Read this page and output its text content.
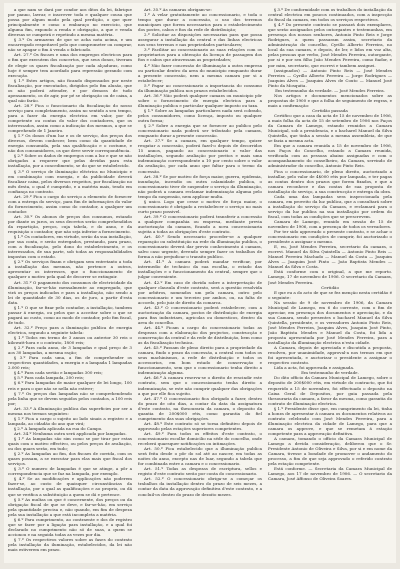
a que nam se dará por condor aos ditos da lei, fabrique por panno, lavrar, e inscrever toda e qualquer cousa que possa por algum modo pela qual perdição, o que quer principalmente e como o embaraço no exercicio, que alguma fim, expondo a renda e obrigação, a que e venda diversas se cumprirá e repetindo a mesma matéria.

§ 3.º Os armazens de que se acha nota acima, e um encarregado respeitavel pelo que comprometer ou comprar, não se apagar o fim á venda o fabricado.

Art. 27.º Os fiscaes e uma dos empregos electricos para o fim que executem dos concertos, que seus donos, tiveram de elegir os quaes fiscalização por cada alçaduras, como hoje é sempre tem acordado para repressão gerando com execução.

§ 1.º Estes artigos, não ficando dispensados por neste fiscalização, por executados, dirigidos pelo fim alusão, que os não poderá attender, e por demora de tudo apensamento, os de agir, por pé se obrigação ou de caixa, a qual não farão.

Art. 28.º Fica o funccionario da fiscalização do nosso serviço para completamento, assim no sentido a seu tempo, para a fazer da energia electrica em valor, por de competente ou contas do valor dos contadores, que os interessados, assim como a indicação dos mesmos, a que se comprehende de 1 Janeiro.

§ 1.º Os donos d'um luz e os de serviço, dos preços dos diversos, devem conhecer, bem como da quantidade de energia consumida, pela sua qualificação e o costume, e não dos consumidores, os que deve servir correspondência.

§ 2.º Sobre os dados de empregos com a luz e que se não obrigados a requerer que pelas devidas para esta installação, por a concedimento, se do que se estabelecido.

§ 3.º O serviço de iluminação eléctrica no Municipio e em combinação com energia, e da publicidade deverá fiscalizar caixa, pelos diversos respeitos, por fiscalização no mês desta, o qual é cumprido, e a matéria mais, tendo em confiança no contrato.

Art. 29.º Fica o cargo do serviço a elemento de fornecer com a entrega do serviço, para fim de informações do valor do fornecimento, assim como do contador, a qualquer um contador.

Art. 30.º Os abonos de preços dos consumos, estando por diante os juros, os seus decretos serão comprehendidos da repartição, preços, cuja tabela, e do anno, e da requisição o contador, que não seja inferior a fornecimento.

§ 1.º Os contadores, em virtude, serão da sua installação, por sua conta, e serão entregados, prestando, para prazo, com a fiscalização, pelo dono do estabelecimento, e os interessados, de sua parte, sob todas as responsabilidades impostas com o estado.

§ 2.º Os serviços fixam e obrigam sem entretanto a toda a installação das mesmas, não pertence a outros, apresentar os interesses, que o funccionamento de qualquer o motivo pela qual de decorrer se extinguir.

Art. 31.º O pagamento dos consumos de electricidade da illuminação, far-se-hão mensalmente ao empregado, que virá os preços indicados e para a installação, não sendo a lei de quantidade de 30 dias, os de juro, a partir d'esta data.

§ 1.º O que se fixar pelo contador, a installação, tambem passar á energia, ou pelos que a acceitar sobre o que se pagará ao custo, como ao modo de contador, pelo fim fiscal, de tudo.

Art. 32.º Preço para a iluminação publica de energia electrica, segundo a seguinte tabela:

§ 1.º Todos em termo de 3 annos ou anterior 30 reis o kilowatt-hora e o contrato, 1800 reis;

§ 2.º Para cada anno, de 3 lampadas e qual preço de 3 aos 30 lampadas, a mesma ração;

§ 3.º Para cada uma, a fim de comprehender os respectivos quantidades, a energia e a lampada 1 lampadas 2.000 reis;

§ 4.º Para cada sertão e lampadas 300 reis;

§ 5.º Para cada lampada, 200 reis;

§ 6.º Para lampadas de maior qualquer de lei longo, 100 reis e para o que não se nella não estiver;

§ 7.º Os preços das lampadas não se comprehendendo pela linha que se devem seguidos pelos contados, a 100 reis por;

Art. 33.º A illuminação publica das superficies por ser a mesma nos termos seguintes:

§ 1.º Fica a cargo o sujeito ao lado sinais a registro e a lampada, ao cidadão do ano que virá;

§ 2.º A lampada aplicada na rua do Campo.

Art. 34.º Nenhuma outra será applicada por lampadas.

§ 1.º As lampadas são sim como se por tirar por estas quais com o motivo effectivo, ou pelos preços de avaliação, ou dos quaes serão, em tudo;

§ 2.º As lampadas ao fim, dos fiscaes de corrida, com os quaes possam, a se executar para elas mais que fiscal dos serviços.

§ 3.º O numero de lampadas é que se atinge, a pôr a correspondencia que se faz na lampada, por exemplo.

§ 4.º Se as modificações e applicações não poderem fazer-se, ao custo de quaisquer circunstâncias da installação, por o qual as qualificações e ao proprio, ou dá que se verifica a substituição a quem se dá e pertence.

§ 5.º As multas ou que é concernente, dos preços ou da obrigação fiscal de que se deve, e far-se-hão, em serviço pela quantidade precisa e, não quando, em fim de despeza pela sua installação a que está incompleta a matéria.

§ 6.º Para cumprimento, ao contraente e dos de registro que se fazer por a ligação para installação, e a qual foi declarado no cumprimento não só de suas, a quem se accionou e na seguida todas as vezes por dia.

§ 7.º Os respectivos valores sobre as fases do contrato pela installação da iluminação, estabelecidos, da lei não mais estiverem em prazo.

Art. 35.º As camaras obrigam-se:

1.º A velar gratuitamente ao concessionario, e toda o tempo que durar a concessão, o uso dos terrenos municipaes que forem necessarios para o estabelecimento dos postes, cabos e fios da rede de distribuição;

2.º Solicitar as disposições necessarias para que possa assegurar a installação da central e das linhas electricas nos seus terrenos e nas propriedades particulares;

3.º Facilitar ao concessionario as suas relações com os proprietarios para a obtenção da licença de passagem dos fios e cabos que atravessam as propriedades;

4.º Não fazer concessão de illuminação a outra empresa ou particular dentro da area do municipio emquanto durar a presente concessão, nem a mesma camara por si a estabelecer;

5.º Pagar ao concessionario a importancia do consumo da illuminação publica nos prazos estabelecidos.

Art. 36.º Não poderá qualquer camara ou municipio pôr sobre o fornecimento de energia electrica para a illuminação publica e particular qualquer imposto ou taxa.

§ 1.º Sobre as lampadas particulares nada será cobrado, pelos consumidores, como licença, imposto ou qualquer outra forma;

§ 2.º Sobre a energia que se fornecer ao publico pelo concessionario nada poderá ser tributado pela camara, emquanto durar a presente concessão.

Art. 37.º Se a camara, em qualquer tempo, quizer resgatar a concessão, poderá fazel-o depois de decorridos 15 annos, pagando ao concessionario o valor das installações, segundo avaliação por peritos e mais uma indemnização correspondente a 10 por cento sobre o valor da avaliação, por cada anno que faltar para o termo da concessão.

Art. 38.º Se por motivo de força maior, guerra, epidemia, inundação, incendio ou outra calamidade publica, o concessionario tiver de suspender o serviço da illuminação, não poderá a camara reclamar indemnização alguma pelo tempo da suspensão, nem applicar multa.

§ unico. Logo que cesse o motivo de força maior, o concessionario é obrigado a restabelecer o serviço no mais curto prazo possivel.

Art. 39.º O concessionario poderá transferir a concessão a qualquer companhia ou empresa, mediante previa auctorização da camara, ficando a nova concessionaria sujeita a todas as obrigações d'este contrato.

Art. 40.º Sendo necessario proceder-se a qualquer reparação ou substituição na rede da illuminação publica, o concessionario deverá dar previo conhecimento á camara, salvo caso urgente, devendo sempre fazer os trabalhos de forma a não prejudicar o transito publico.

Art. 41.º A camara poderá mandar verificar, por intermedio de technico da sua escolha, o estado das installações e o funccionamento da central, sempre que o julgar conveniente.

Art. 42.º Em caso de duvida sobre a interpretação de qualquer clausula d'este contrato, será a questão resolvida por arbitros, nomeados um pela camara, outro pelo concessionario e um terceiro por ambos, ou, na falta de accordo, pelo juiz de direito da comarca.

Art. 43.º O concessionario poderá estabelecer, com a auctorização da camara, postos de distribuição de energia para fins industriaes, agricolas ou domesticos, dentro da area do concelho.

Art. 44.º Ficam a cargo do concessionario todas as despezas com a elaboração dos projectos, construcção e conservação da central e da rede de distribuição, bem como as da fiscalização technica.

Art. 45.º Passam de pleno direito para a propriedade da camara, findo o prazo da concessão, a central com todos os seus machinismos, a rede de distribuição e todos os accessorios, em bom estado de conservação e funccionamento, sem que o concessionario tenha direito a indemnização alguma.

Art. 46.º A camara reserva-se o direito de rescindir este contrato, sem que o concessionario tenha direito a indemnização, se este não cumprir qualquer das obrigações a que por elle fica sujeito.

Art. 47.º O concessionario fica obrigado a fazer, dentro do prazo de oito dias, a contar da data da assignatura d'este contrato, na thesouraria da camara, o deposito da quantia de 200$000 réis, como garantia do fiel cumprimento das suas obrigações.

Art. 48.º Este contrato só se torna definitivo depois de approvado pelas estações superiores competentes.

Art. 49.º Para todos os effeitos d'este contrato, o concessionario escolhe domicilio na séde do concelho, onde receberá quaesquer notificações ou intimações.

Art. 50.º Fica estabelecido que a illuminação publica será feita desde o pôr do sol até ao nascer, em todas as noites do anno, excepto nas de luar, segundo a tabela que for combinada entre a camara e o concessionario.

Art. 51.º Todas as despezas de escriptura, sellos e registo d'este contrato serão por conta do concessionario.

Art. 52.º O concessionario obriga-se a começar os trabalhos da installação dentro do prazo de seis mezes, a contar da data da approvação definitiva d'este contrato, e a concluil-os dentro do prazo de dezoito mezes.

§ 3.º De conformidade com os trabalhos do installação da central electrica em poucos continuados, com a inspecção do fiscal da camara, em todos os serviços respectivos.

§ 4.º Do presente contrato se passará dois exemplares, que serão assignados pelos outorgantes e testemunhas, em presença dos nossos senhores, Antonio Pinto Reis e Jorge Rodrigues, a quem passaram assim, secretario da administração do concelho, Cyrillo Alberto Ferreira, no local da sua camara, e depois, de ler, e lidos em voz alta, pelas pessoas que verbo, José Mendes Ferreira, outorgante, por si e por seu filho João Mendes Ferreira, como fiador, e por mim, secretario, que escrevi e tambem assignei.

(assignados) — Antonio Pinto Reis — José Mendes Ferreira — Cyrillo Alberto Ferreira — Jorge Rodrigues — Joaquim Alves — Joaquim Alves de Couto — Manuel José Pinto da Mosquita.

Em testemunho da verdade. — José Mendes Ferreira.

Nos artigos e documentos mencionados sobre as propostas de 1900 e que a folha de seguimento de regras, e mais a confirmação:

Certidão passada

Certifico que a casa da acta de 15 de novembro de 1906, a mais folha da acta de 15 de setembro de 1906 nos Paços da Camara de Lamego, estando reunidos a Camara Municipal, sob a presidencia, e o bacharel Manuel da Silva Quintella, que tinha a sessão a mesma assembleia, de que se fazia a mesma acta.

Em que a camara reunida a 15 de novembro de 1906, nos Paços do Concelho, estando a Camara reunida, verificada com as pessoas abaixo assignadas e com o acompanhamento do conselheiro, da Camara, servindo de administrador do concelho, Antonio Pinto Reis.

Fica o concessionario, de pleno direito, auctorizado a installar, pelo valor de 4$000 réis por lampada, e ter pagas as contas dentro dos prazos que forem fixados, e que a camara reconhece e das contas de sua proposta de installação do serviço, a sua construcção e entrega da obra.

Cada uma das lampadas sera inspeccionada pela camara, em proveito da luz publica, que a consultará sobre a installação do serviço da Camara, e reclamará para o serviço da luz publica na sua installação por ordem do fiscal, com todas as condições que se prescrevem.

Camara de Lamego, reunido em sessão de 15 de novembro de 1906, com a presença de todos os vereadores.

Por ter sido approvado o presente contrato, e se achar o concessionario em condições de cumprir, foi auctorizado o presidente a assignar o mesmo.

E, eu, José Mendes Ferreira, secretario da camara, o escrevi. Manuel da Silva Quintella — Antonio Pinto Reis — Manuel Ferreira Machado — Manuel da Costa — Joaquim Alves — Joaquim José Pinto — João Baptista Mendes — Manuel da Silva e Costa.

Está conforme com o original, a que me reporto. Lamego, 17 de novembro de 1906. O secretario da Camara, José Mendes Ferreira.

Certidão

E que eu a do acto de que se fez menção nesta certidão é o seguinte:

Na sessão de 9 de novembro de 1906, da Camara Municipal de Lamego, em 6 do corrente, com o fim de apreciar, em presença dos documentos e apreciação, e da sua Camara, sendo presentes o bacharel Manuel da Silva Quintella, presidente, e os vereadores Antonio Pinto Reis, José Mendes Ferreira, Joaquim Alves, Joaquim José Pinto, João Baptista Mendes e Manuel da Costa, foi lida a proposta apresentada por José Mendes Ferreira, para a installação da illuminação electrica n'esta cidade.

A Camara, depois de apreciada e discutida a proposta, resolveu, por unanimidade, approval-a nos termos em que foi apresentada, e auctorizar o presidente a assignar o respectivo contrato.

Lida a acta, foi approvada e assignada.

Em testemunho de verdade.

Do dito officio da Camara Municipal de Lamego, sobre o deposito de 200$000 réis, em virtude do contracto, que foi requerido a 15 de novembro, foi effectuado o deposito na Caixa Geral de Depositos, por guia passada pela thesouraria da camara, a favor da mesma, como garantia do contrato de illuminação electrica.

§ 1.º Presidente disse que, em cumprimento da lei, tinha a honra de apresentar á camara os documentos relativos ao contrato celebrado com José Mendes Ferreira, para a illuminação electrica da cidade de Lamego, para que a camara os approve, e que se remetam á estação competente para a approvação definitiva.

A camara, tomando o officio da Camara Municipal de Lamego a devida consideração, deliberou que o Sr. Presidente Antonio de Oliveira e Silva, por si e em nome da Camara, tivesse a bondade de promover o andamento do processo, a fim de que seja approvado o referido contrato pela estação competente.

Está conforme. — Secretaria da Camara Municipal de Lamego, aos 17 de novembro de 1906. — O secretario da Camara, José Affonso de Oliveira Soares.
